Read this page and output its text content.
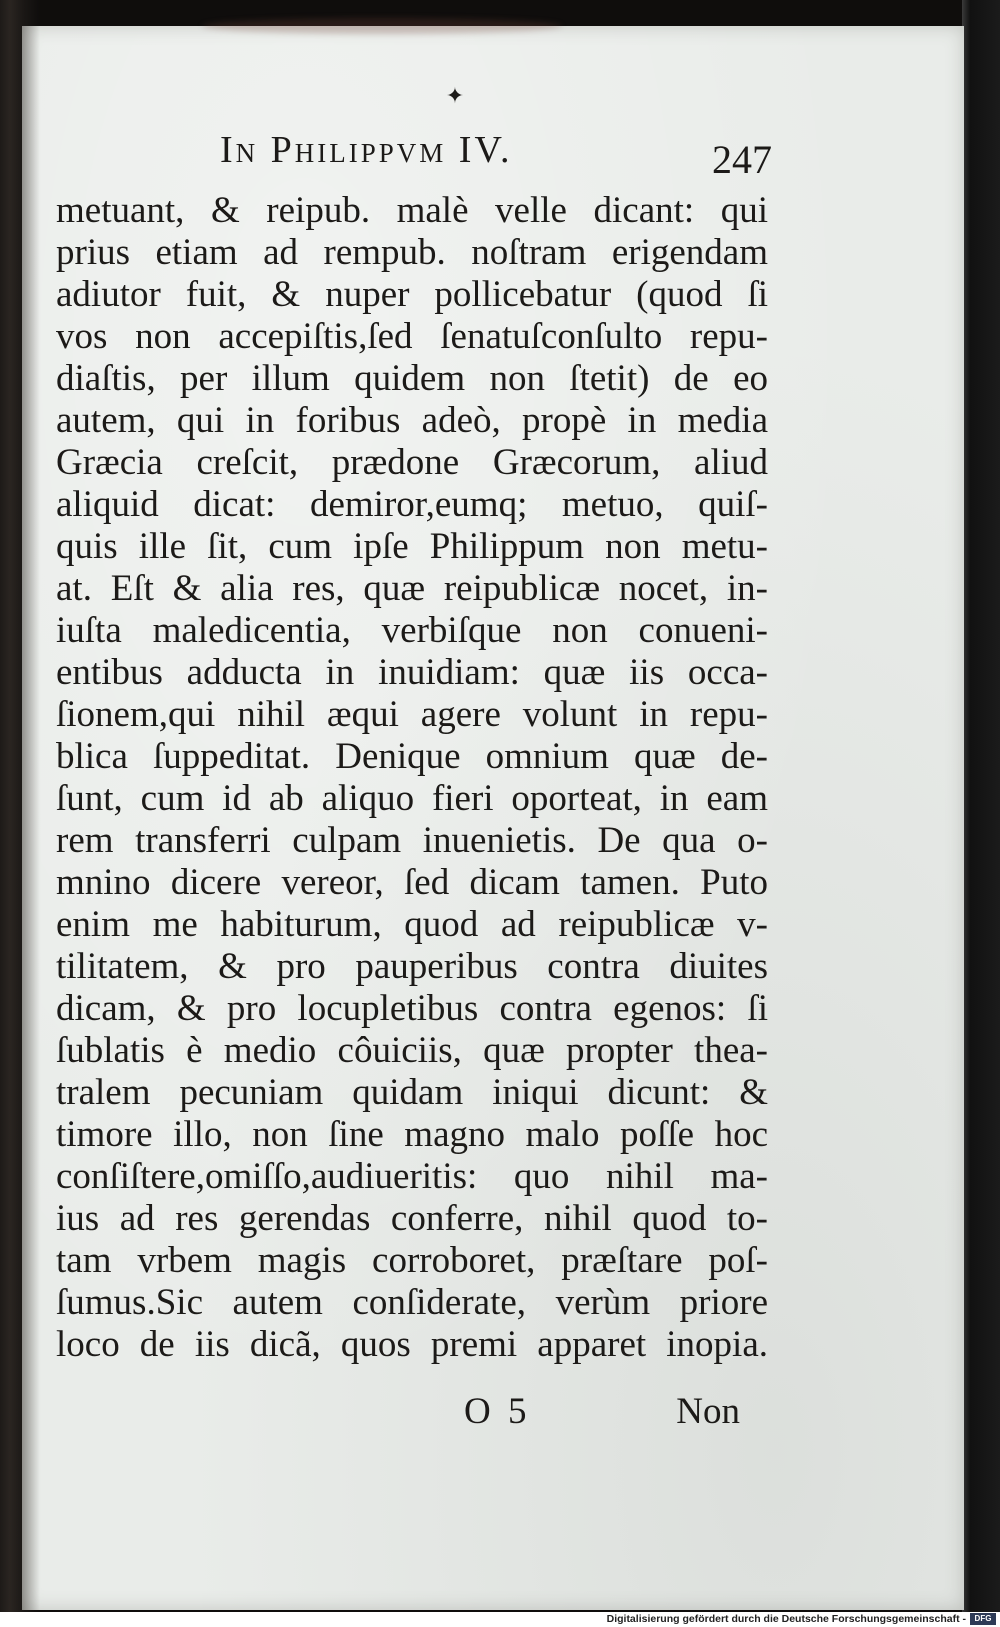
✦
In Philippvm IV.	247
metuant, & reipub. malè velle dicant: qui
prius etiam ad rempub. noſtram erigendam
adiutor fuit, & nuper pollicebatur (quod ſi
vos non accepiſtis,ſed ſenatuſconſulto repu-
diaſtis, per illum quidem non ſtetit) de eo
autem, qui in foribus adeò, propè in media
Græcia creſcit, prædone Græcorum, aliud
aliquid dicat: demiror,eumq; metuo, quiſ-
quis ille ſit, cum ipſe Philippum non metu-
at. Eſt & alia res, quæ reipublicæ nocet, in-
iuſta maledicentia, verbiſque non conueni-
entibus adducta in inuidiam: quæ iis occa-
ſionem,qui nihil æqui agere volunt in repu-
blica ſuppeditat. Denique omnium quæ de-
ſunt, cum id ab aliquo fieri oporteat, in eam
rem transferri culpam inuenietis. De qua o-
mnino dicere vereor, ſed dicam tamen. Puto
enim me habiturum, quod ad reipublicæ v-
tilitatem, & pro pauperibus contra diuites
dicam, & pro locupletibus contra egenos: ſi
ſublatis è medio côuiciis, quæ propter thea-
tralem pecuniam quidam iniqui dicunt: &
timore illo, non ſine magno malo poſſe hoc
conſiſtere,omiſſo,audiueritis: quo nihil ma-
ius ad res gerendas conferre, nihil quod to-
tam vrbem magis corroboret, præſtare poſ-
ſumus.Sic autem conſiderate, verùm priore
loco de iis dicã, quos premi apparet inopia.
O 5	Non
Digitalisierung gefördert durch die Deutsche Forschungsgemeinschaft -	DFG
